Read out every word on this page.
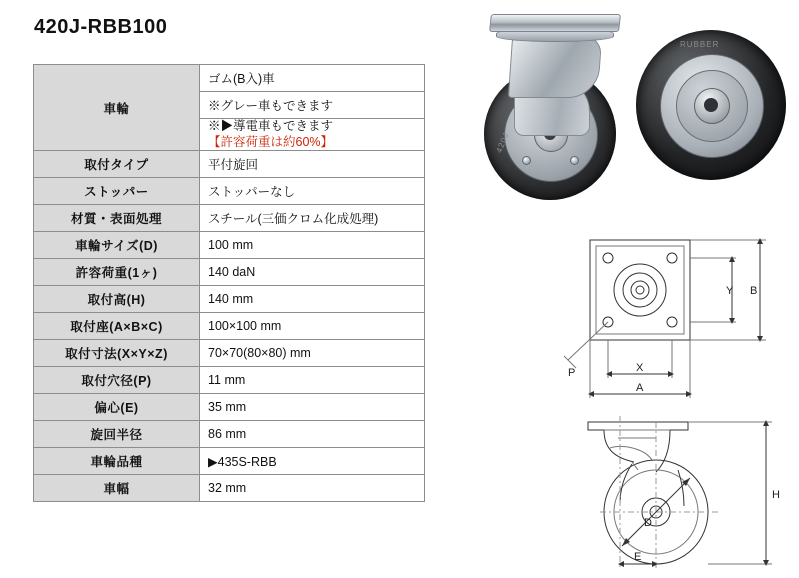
420J-RBB100
車輪	ゴム(B入)車
	※グレー車もできます

	※▶導電車もできます
【許容荷重は約60%】

取付タイプ	平付旋回
ストッパー	ストッパーなし
材質・表面処理	スチール(三価クロム化成処理)
車輪サイズ(D)	100 mm
許容荷重(1ヶ)	140 daN
取付高(H)	140 mm
取付座(A×B×C)	100×100 mm
取付寸法(X×Y×Z)	70×70(80×80) mm
取付穴径(P)	11 mm
偏心(E)	35 mm
旋回半径	86 mm
車輪品種	▶435S-RBB
車幅	32 mm
420J
RUBBER
Y B
X
A
P
H
D
E
